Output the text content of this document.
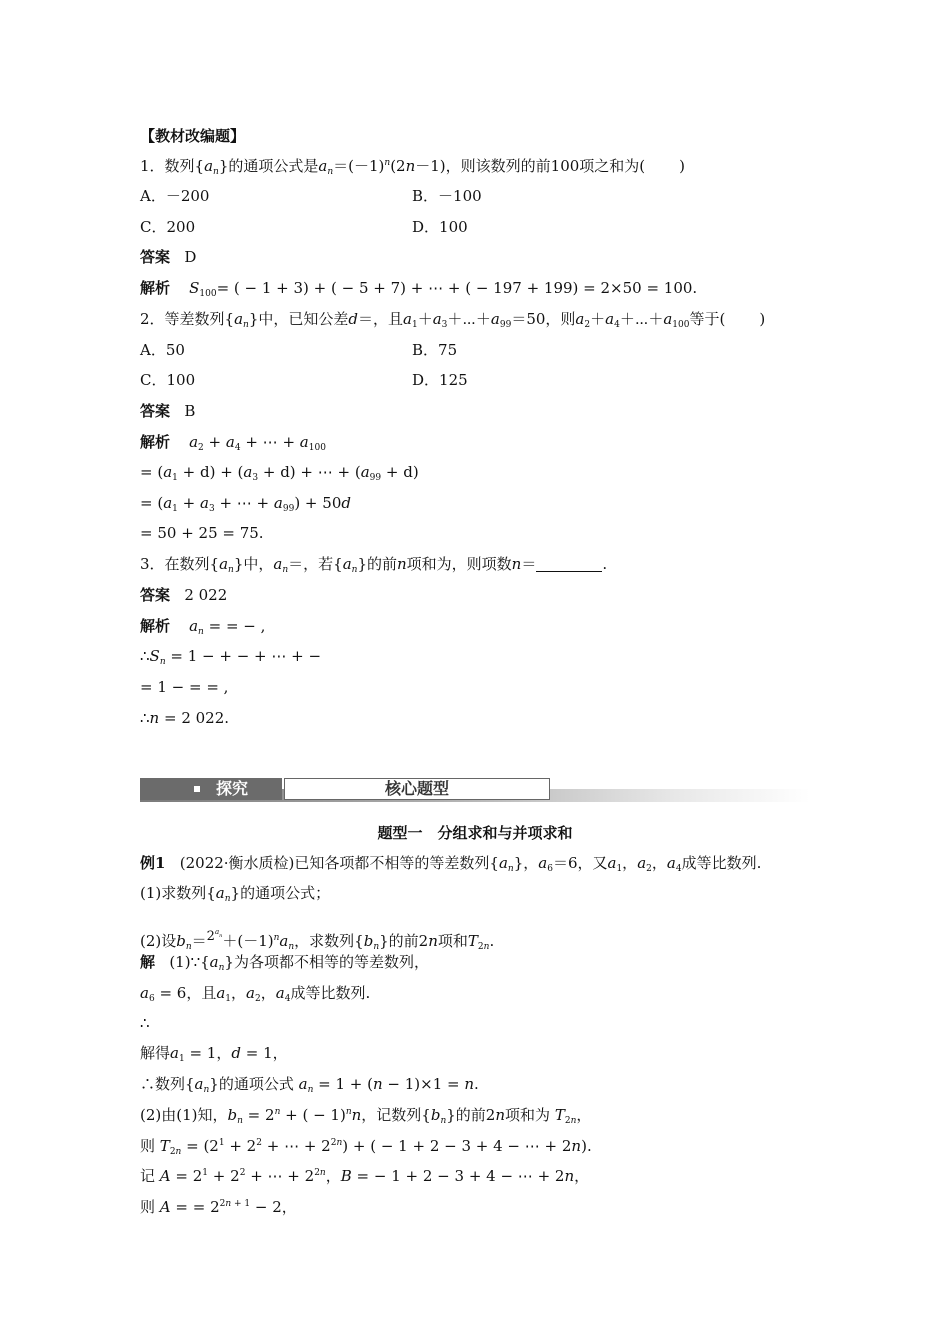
【教材改编题】
1．数列$\{a_n\}$的通项公式是$a_n=(-1)^n(2n-1)$，则该数列的前100项之和为( )
A．－200	B．－100
C．200	D．100
答案 D
解析 $S_{100}=$ ( − 1 + 3) + ( − 5 + 7) + ⋯ + ( − 197 + 199) = 2×50 = 100.
2．等差数列$\{a_n\}$中，已知公差d＝，且$a_1+a_3+\cdots+a_{99}=50$，则$a_2+a_4+\cdots+a_{100}$等于( )
A．50	B．75
C．100	D．125
答案 B
解析 $a_2 + a_4$ + ⋯ + $a_{100}$
= $(a_1 + d) + (a_3 + d)$ + ⋯ + $(a_{99} + d)$
= ($a_1 + a_3$ + ⋯ + $a_{99}) + 50d$
= 50 + 25 = 75.
3．在数列$\{a_n\}$中，$a_n=$，若$\{a_n\}$的前n项和为，则项数n＝	.
答案 2 022
解析 $a_n$ = = − ,
$\therefore S_n = 1$ − + − + ⋯ + −
= 1 − = = ,
∴n = 2 022.
探究	核心题型
题型一　分组求和与并项求和
例1 (2022·衡水质检)已知各项都不相等的等差数列$\{a_n\}$，$a_6=6$，又$a_1$，$a_2$，$a_4$成等比数列.
(1)求数列$\{a_n\}$的通项公式；
(2)设$b_n=2^{a_n}+(-1)^na_n$，求数列$\{b_n\}$的前2n项和$T_{2n}$.
解 $(1)\because\{a_n\}$为各项都不相等的等差数列，
$a_6 = 6$，且$a_1$，$a_2$，$a_4$成等比数列.
∴
解得$a_1 = 1$，d = 1，
∴数列$\{a_n\}$的通项公式 $a_n = 1 + (n - 1)\times 1 = n$.
(2)由(1)知，$b_n = 2^n$ + ( − 1)$^n$n，记数列$\{b_n\}$的前2n项和为 $T_{2n}$，
则 $T_{2n} = (2^1 + 2^2$ + ⋯ + $2^{2n}$) + ( − 1 + 2 − 3 + 4 − ⋯ + 2n).
记 $A = 2^1 + 2^2$ + ⋯ + $2^{2n}$，B = − 1 + 2 − 3 + 4 − ⋯ + 2n，
则 A = = $2^{2n + 1} - 2$，
